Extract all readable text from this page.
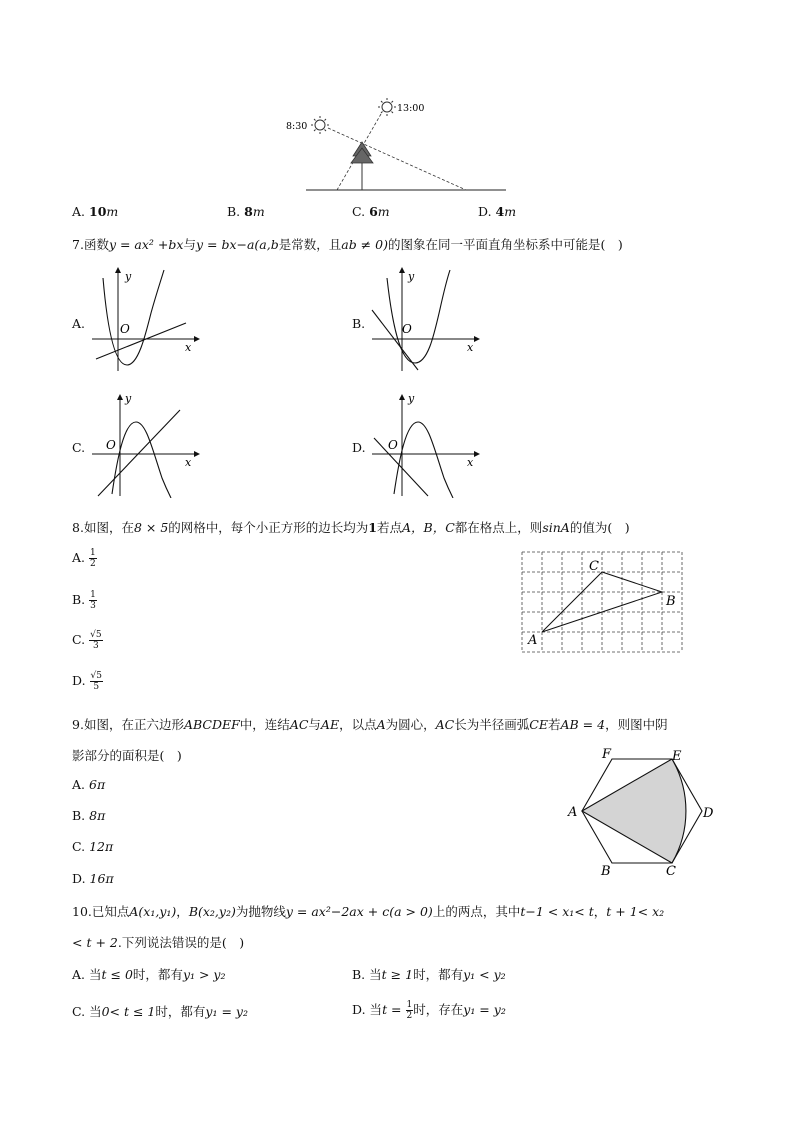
8:30
13:00
A. 10m	B. 8m	C. 6m	D. 4m
7.函数y = ax² +bx与y = bx−a(a,b是常数，且ab ≠ 0)的图象在同一平面直角坐标系中可能是(　)
A.
y
O
x
B.
y
O
x
C.
y
O
x
D.
y
O
x
8.如图，在8 × 5的网格中，每个小正方形的边长均为1若点A，B，C都在格点上，则sinA的值为(　)
A. $\frac{1}{2}$
B. $\frac{1}{3}$
C. $\frac{√5}{3}$
D. $\frac{√5}{5}$
A
B
C
9.如图，在正六边形ABCDEF中，连结AC与AE，以点A为圆心，AC长为半径画弧CE若AB = 4，则图中阴
影部分的面积是(　)
A. 6π
B. 8π
C. 12π
D. 16π
A
B	C
D
E
F
10.已知点A(x₁,y₁)，B(x₂,y₂)为抛物线y = ax²−2ax + c(a > 0)上的两点，其中t−1 < x₁< t，t + 1< x₂
< t + 2.下列说法错误的是(　)
A. 当t ≤ 0时，都有y₁ > y₂	B. 当t ≥ 1时，都有y₁ < y₂
C. 当0< t ≤ 1时，都有y₁ = y₂	D. 当$t = \frac{1}{2}$ 时，存在y₁ = y₂
